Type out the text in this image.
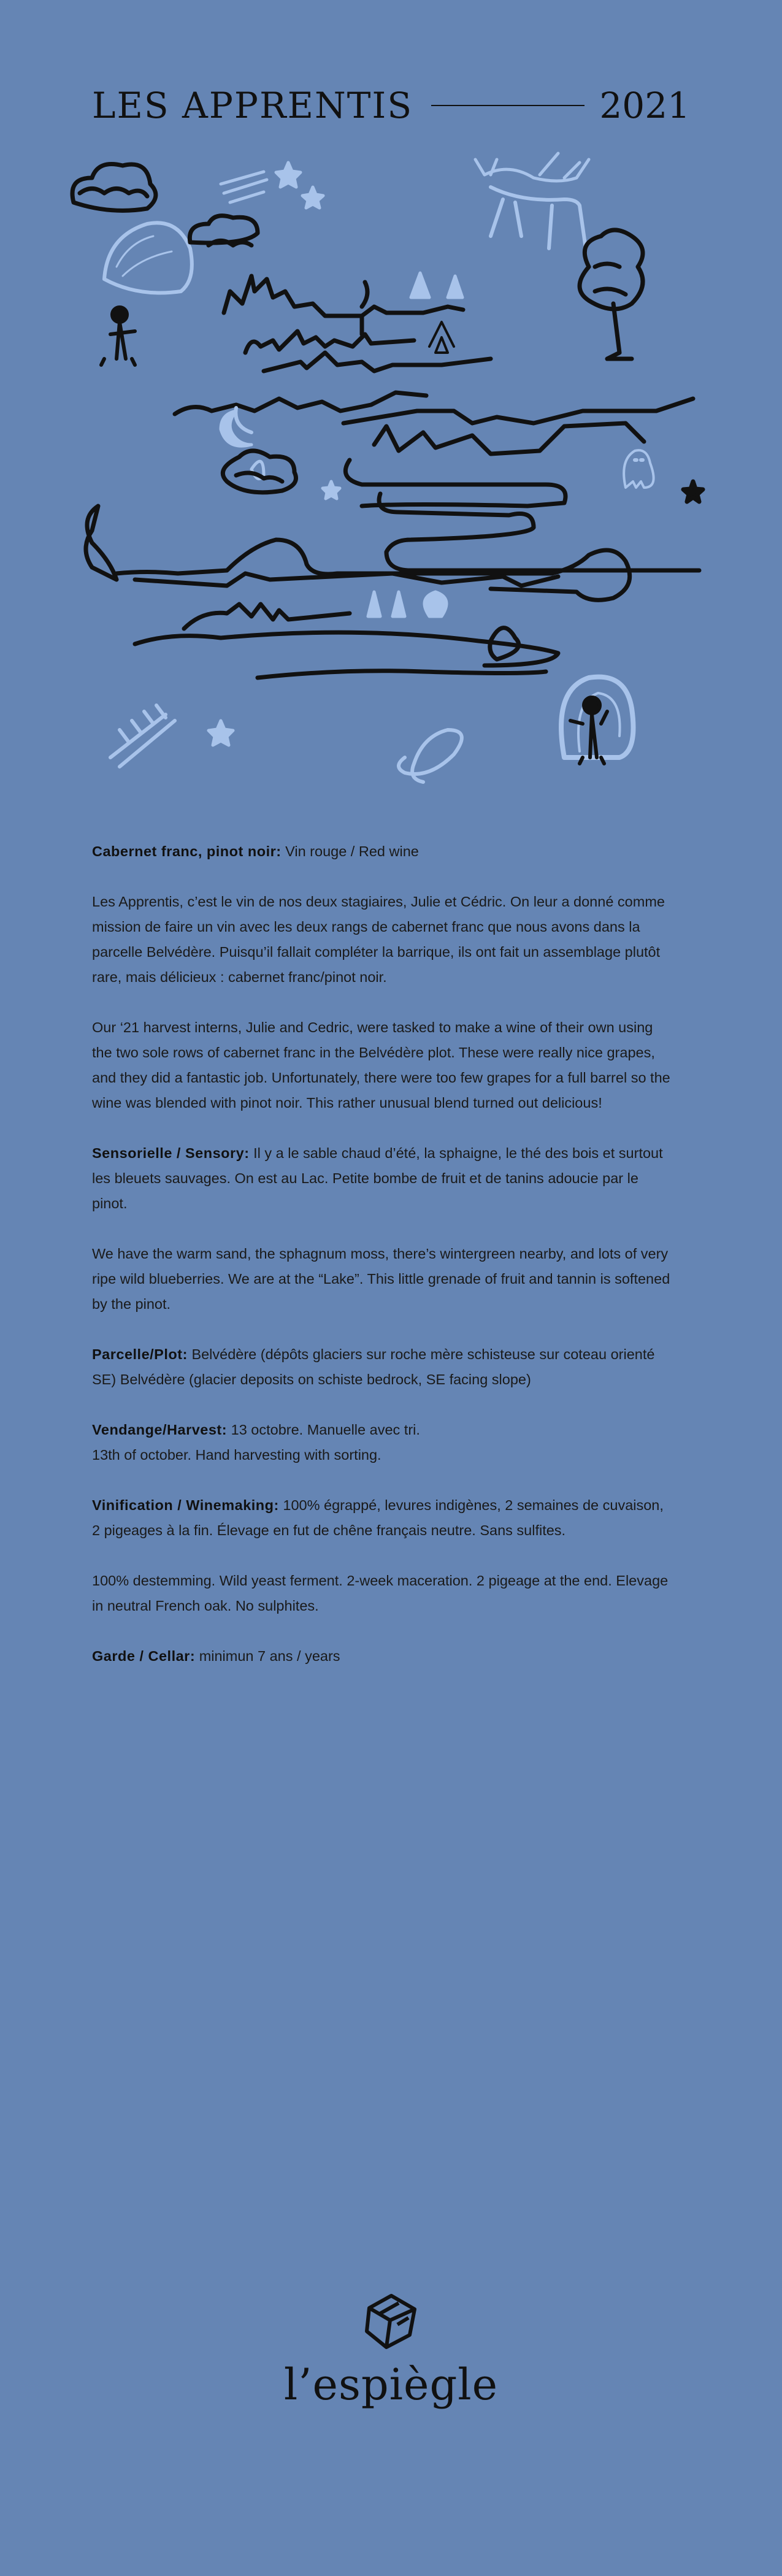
LES APPRENTIS	2021

Cabernet franc, pinot noir: Vin rouge / Red wine

Les Apprentis, c’est le vin de nos deux stagiaires, Julie et Cédric. On leur a donné comme mission de faire un vin avec les deux rangs de cabernet franc que nous avons dans la parcelle Belvédère. Puisqu’il fallait compléter la barrique, ils ont fait un assemblage plutôt rare, mais délicieux : cabernet franc/pinot noir.

Our ‘21 harvest interns, Julie and Cedric, were tasked to make a wine of their own using the two sole rows of cabernet franc in the Belvédère plot. These were really nice grapes, and they did a fantastic job. Unfortunately, there were too few grapes for a full barrel so the wine was blended with pinot noir. This rather unusual blend turned out delicious!

Sensorielle / Sensory: Il y a le sable chaud d’été, la sphaigne, le thé des bois et surtout les bleuets sauvages. On est au Lac. Petite bombe de fruit et de tanins adoucie par le pinot.

We have the warm sand, the sphagnum moss, there’s wintergreen nearby, and lots of very ripe wild blueberries. We are at the “Lake”. This little grenade of fruit and tannin is softened by the pinot.

Parcelle/Plot: Belvédère (dépôts glaciers sur roche mère schisteuse sur coteau orienté SE) Belvédère (glacier deposits on schiste bedrock, SE facing slope)

Vendange/Harvest: 13 octobre. Manuelle avec tri.
13th of october. Hand harvesting with sorting.

Vinification / Winemaking: 100% égrappé, levures indigènes, 2 semaines de cuvaison, 2 pigeages à la fin. Élevage en fut de chêne français neutre. Sans sulfites.

100% destemming. Wild yeast ferment. 2-week maceration. 2 pigeage at the end. Elevage in neutral French oak. No sulphites.

Garde / Cellar: minimun 7 ans / years

l’espiègle
